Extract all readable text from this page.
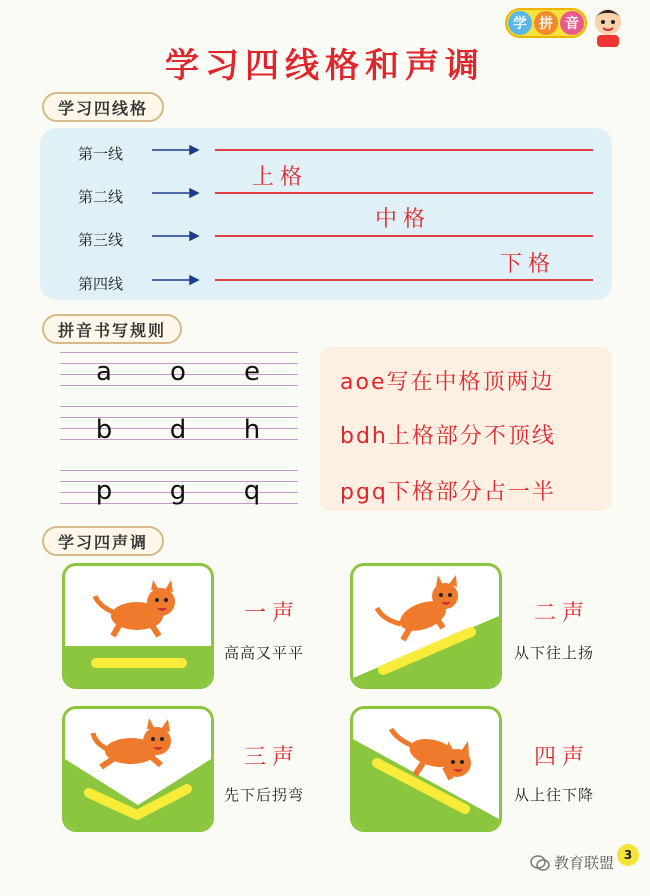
学 拼 音
学习四线格和声调
学习四线格
第一线
第二线
第三线
第四线
上格
中格
下格
拼音书写规则
a	o	e
b	d	h
p	g	q
aoe写在中格顶两边
bdh上格部分不顶线
pgq下格部分占一半
学习四声调
一声
高高又平平
二声
从下往上扬
三声
先下后拐弯
四声
从上往下降
3
教育联盟
